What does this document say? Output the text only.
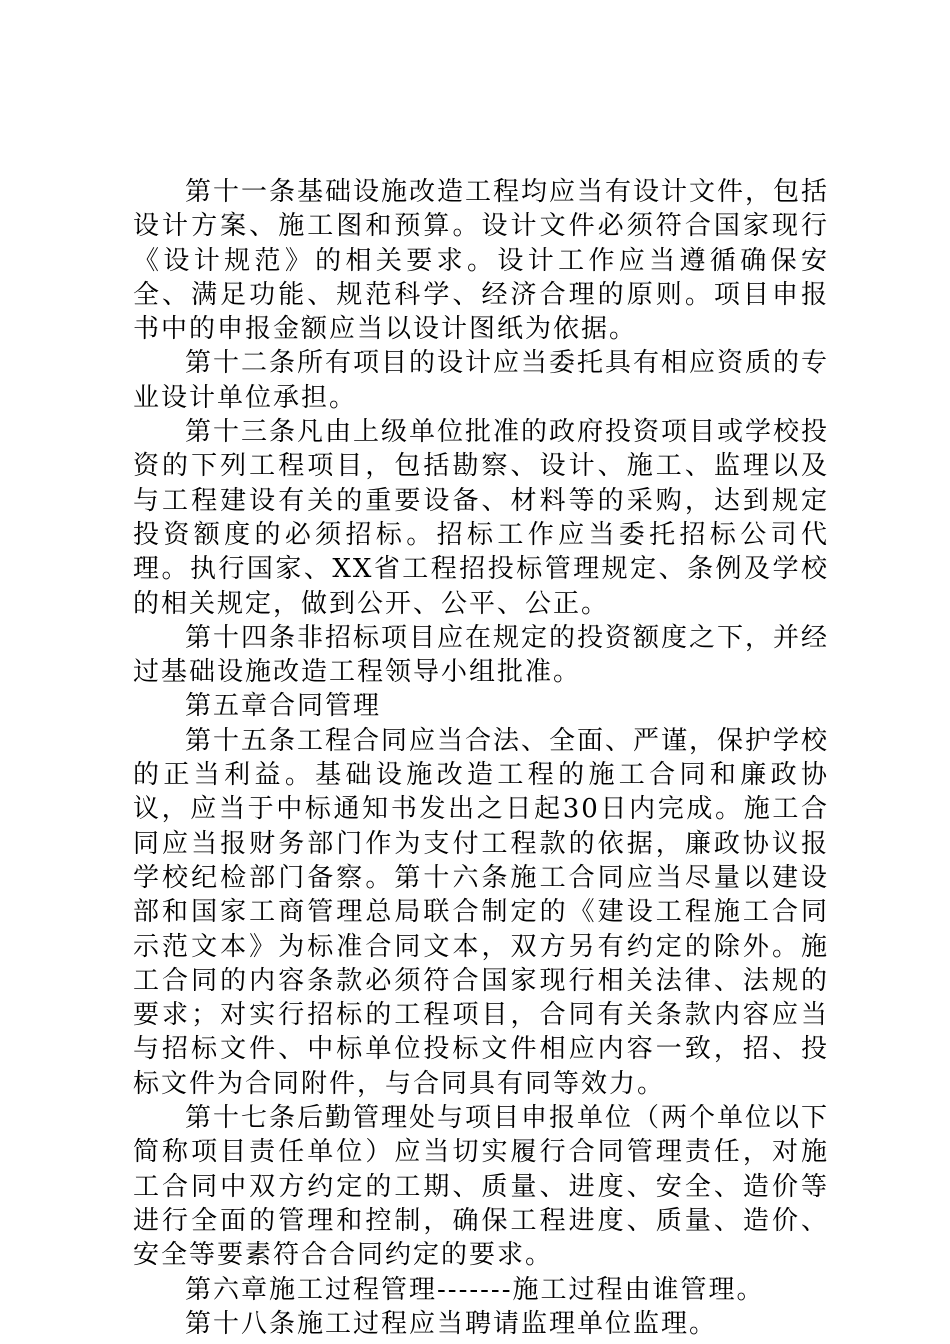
第十一条基础设施改造工程均应当有设计文件，包括设计方案、施工图和预算。设计文件必须符合国家现行《设计规范》的相关要求。设计工作应当遵循确保安全、满足功能、规范科学、经济合理的原则。项目申报书中的申报金额应当以设计图纸为依据。

第十二条所有项目的设计应当委托具有相应资质的专业设计单位承担。

第十三条凡由上级单位批准的政府投资项目或学校投资的下列工程项目，包括勘察、设计、施工、监理以及与工程建设有关的重要设备、材料等的采购，达到规定投资额度的必须招标。招标工作应当委托招标公司代理。执行国家、XX省工程招投标管理规定、条例及学校的相关规定，做到公开、公平、公正。

第十四条非招标项目应在规定的投资额度之下，并经过基础设施改造工程领导小组批准。

第五章合同管理

第十五条工程合同应当合法、全面、严谨，保护学校的正当利益。基础设施改造工程的施工合同和廉政协议，应当于中标通知书发出之日起30日内完成。施工合同应当报财务部门作为支付工程款的依据，廉政协议报学校纪检部门备察。第十六条施工合同应当尽量以建设部和国家工商管理总局联合制定的《建设工程施工合同示范文本》为标准合同文本，双方另有约定的除外。施工合同的内容条款必须符合国家现行相关法律、法规的要求；对实行招标的工程项目，合同有关条款内容应当与招标文件、中标单位投标文件相应内容一致，招、投标文件为合同附件，与合同具有同等效力。

第十七条后勤管理处与项目申报单位（两个单位以下简称项目责任单位）应当切实履行合同管理责任，对施工合同中双方约定的工期、质量、进度、安全、造价等进行全面的管理和控制，确保工程进度、质量、造价、安全等要素符合合同约定的要求。

第六章施工过程管理-------施工过程由谁管理。

第十八条施工过程应当聘请监理单位监理。
